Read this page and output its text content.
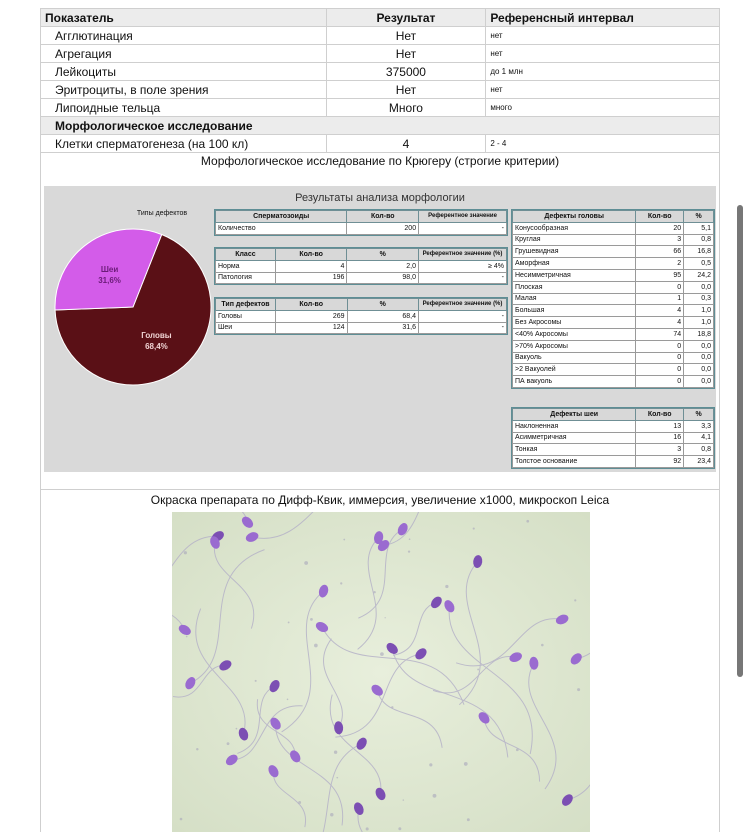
Показатель	Результат	Референсный интервал
Агглютинация	Нет	нет
Агрегация	Нет	нет
Лейкоциты	375000	до 1 млн
Эритроциты, в поле зрения	Нет	нет
Липоидные тельца	Много	много
Морфологическое исследование		
Клетки сперматогенеза (на 100 кл)	4	2 - 4
Морфологическое исследование по Крюгеру (строгие критерии)
Результаты анализа морфологии
Типы дефектов
Головы
68,4%
Шеи
31,6%
Сперматозоиды	Кол-во	Референтное значение
Количество	200	-
Класс	Кол-во	%	Референтное значение (%)
Норма	4	2,0	≥ 4%
Патология	196	98,0	-
Тип дефектов	Кол-во	%	Референтное значение (%)
Головы	269	68,4	-
Шеи	124	31,6	-
Дефекты головы	Кол-во	%
Конусообразная	20	5,1
Круглая	3	0,8
Грушевидная	66	16,8
Аморфная	2	0,5
Несимметричная	95	24,2
Плоская	0	0,0
Малая	1	0,3
Большая	4	1,0
Без Акросомы	4	1,0
<40% Акросомы	74	18,8
>70% Акросомы	0	0,0
Вакуоль	0	0,0
>2 Вакуолей	0	0,0
ПА вакуоль	0	0,0
Дефекты шеи	Кол-во	%
Наклоненная	13	3,3
Асимметричная	16	4,1
Тонкая	3	0,8
Толстое основание	92	23,4
Окраска препарата по Дифф-Квик, иммерсия, увеличение х1000, микроскоп Leica
